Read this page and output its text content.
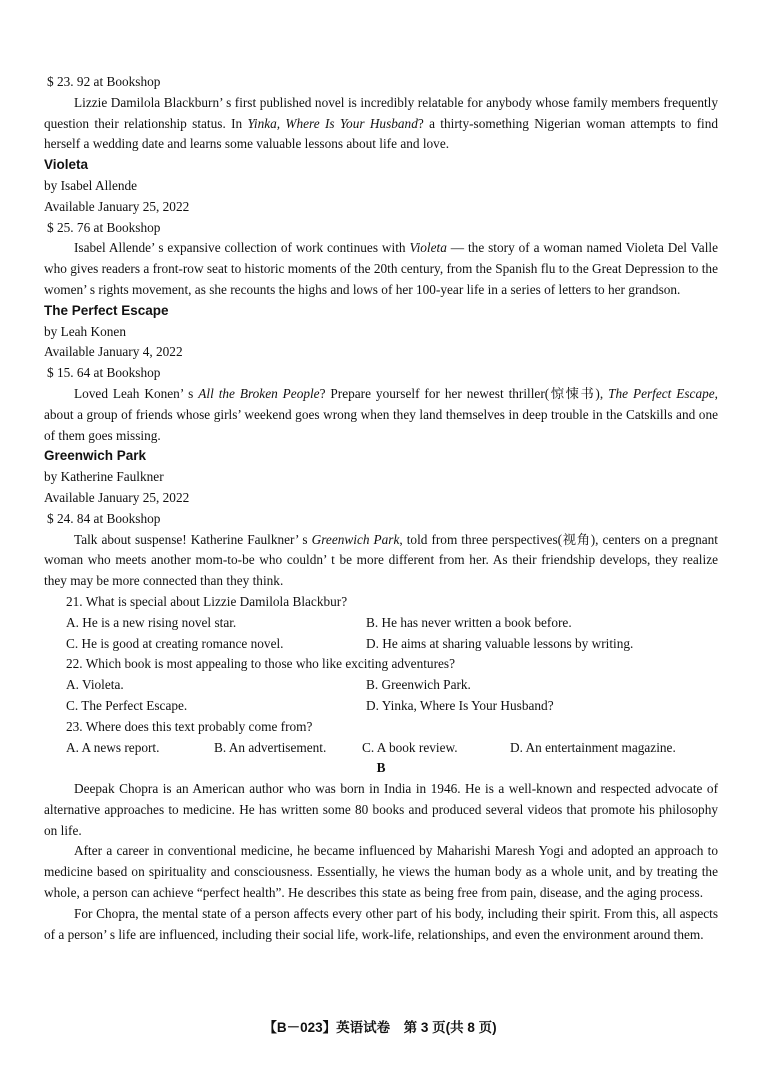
$ 23. 92 at Bookshop

Lizzie Damilola Blackburn’ s first published novel is incredibly relatable for anybody whose family members frequently question their relationship status. In Yinka, Where Is Your Husband? a thirty-something Nigerian woman attempts to find herself a wedding date and learns some valuable lessons about life and love.

Violeta
by Isabel Allende
Available January 25, 2022
$ 25. 76 at Bookshop

Isabel Allende’ s expansive collection of work continues with Violeta — the story of a woman named Violeta Del Valle who gives readers a front-row seat to historic moments of the 20th century, from the Spanish flu to the Great Depression to the women’ s rights movement, as she recounts the highs and lows of her 100-year life in a series of letters to her grandson.

The Perfect Escape
by Leah Konen
Available January 4, 2022
$ 15. 64 at Bookshop

Loved Leah Konen’ s All the Broken People? Prepare yourself for her newest thriller(惊悚书), The Perfect Escape, about a group of friends whose girls’ weekend goes wrong when they land themselves in deep trouble in the Catskills and one of them goes missing.

Greenwich Park
by Katherine Faulkner
Available January 25, 2022
$ 24. 84 at Bookshop

Talk about suspense! Katherine Faulkner’ s Greenwich Park, told from three perspectives(视角), centers on a pregnant woman who meets another mom-to-be who couldn’ t be more different from her. As their friendship develops, they realize they may be more connected than they think.

21. What is special about Lizzie Damilola Blackbur?
A. He is a new rising novel star.	B. He has never written a book before.
C. He is good at creating romance novel.	D. He aims at sharing valuable lessons by writing.
22. Which book is most appealing to those who like exciting adventures?
A. Violeta.	B. Greenwich Park.
C. The Perfect Escape.	D. Yinka, Where Is Your Husband?
23. Where does this text probably come from?
A. A news report.	B. An advertisement.	C. A book review.	D. An entertainment magazine.
B

Deepak Chopra is an American author who was born in India in 1946. He is a well-known and respected advocate of alternative approaches to medicine. He has written some 80 books and produced several videos that promote his philosophy on life.

After a career in conventional medicine, he became influenced by Maharishi Maresh Yogi and adopted an approach to medicine based on spirituality and consciousness. Essentially, he views the human body as a whole unit, and by treating the whole, a person can achieve “perfect health”. He describes this state as being free from pain, disease, and the aging process.

For Chopra, the mental state of a person affects every other part of his body, including their spirit. From this, all aspects of a person’ s life are influenced, including their social life, work-life, relationships, and even the environment around them.

【B－023】英语试卷　第 3 页(共 8 页)
